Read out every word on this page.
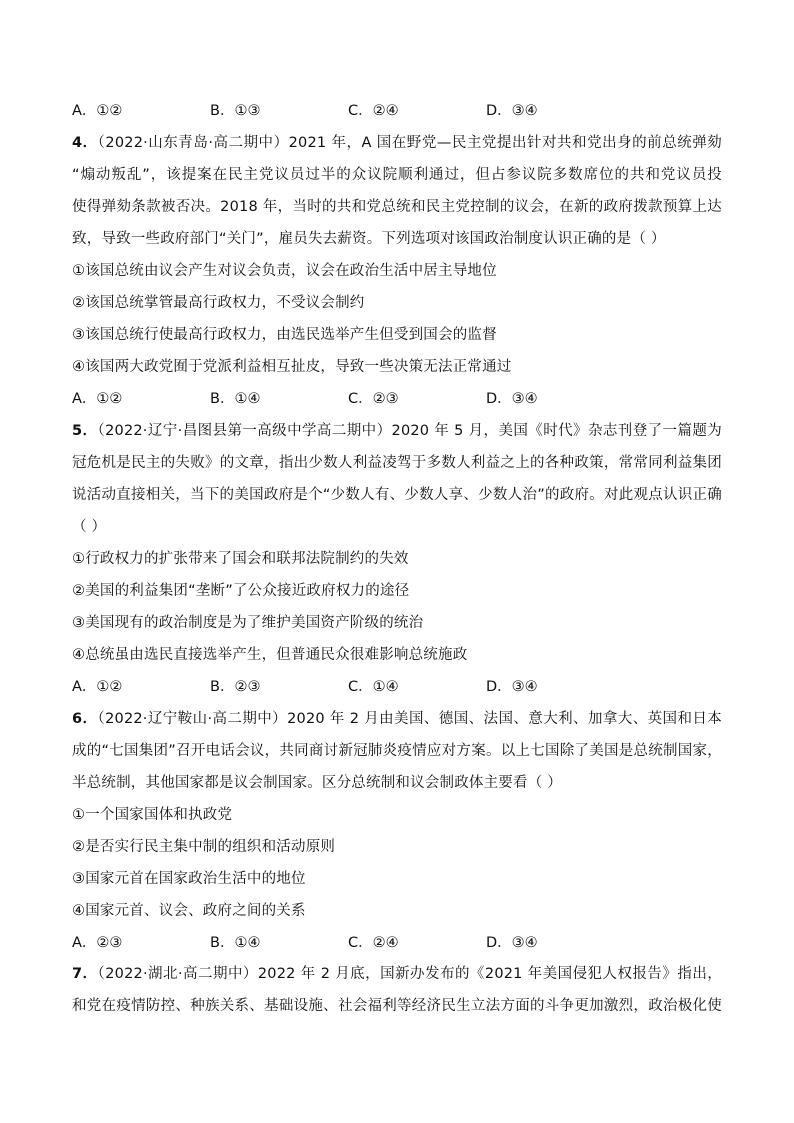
A．①②	B．①③	C．②④	D．③④
4．（2022·山东青岛·高二期中）2021 年，A 国在野党—民主党提出针对共和党出身的前总统弹劾
“煽动叛乱”，该提案在民主党议员过半的众议院顺利通过，但占参议院多数席位的共和党议员投
使得弹劾条款被否决。2018 年，当时的共和党总统和民主党控制的议会，在新的政府拨款预算上达
致，导致一些政府部门“关门”，雇员失去薪资。下列选项对该国政治制度认识正确的是（ ）
①该国总统由议会产生对议会负责，议会在政治生活中居主导地位
②该国总统掌管最高行政权力，不受议会制约
③该国总统行使最高行政权力，由选民选举产生但受到国会的监督
④该国两大政党囿于党派利益相互扯皮，导致一些决策无法正常通过
A．①②	B．①④	C．②③	D．③④
5．（2022·辽宁·昌图县第一高级中学高二期中）2020 年 5 月，美国《时代》杂志刊登了一篇题为
冠危机是民主的失败》的文章，指出少数人利益凌驾于多数人利益之上的各种政策，常常同利益集团
说活动直接相关，当下的美国政府是个“少数人有、少数人享、少数人治”的政府。对此观点认识正确
（ ）
①行政权力的扩张带来了国会和联邦法院制约的失效
②美国的利益集团“垄断”了公众接近政府权力的途径
③美国现有的政治制度是为了维护美国资产阶级的统治
④总统虽由选民直接选举产生，但普通民众很难影响总统施政
A．①②	B．②③	C．①④	D．③④
6．（2022·辽宁鞍山·高二期中）2020 年 2 月由美国、德国、法国、意大利、加拿大、英国和日本
成的“七国集团”召开电话会议，共同商讨新冠肺炎疫情应对方案。以上七国除了美国是总统制国家，
半总统制，其他国家都是议会制国家。区分总统制和议会制政体主要看（ ）
①一个国家国体和执政党
②是否实行民主集中制的组织和活动原则
③国家元首在国家政治生活中的地位
④国家元首、议会、政府之间的关系
A．②③	B．①④	C．②④	D．③④
7．（2022·湖北·高二期中）2022 年 2 月底，国新办发布的《2021 年美国侵犯人权报告》指出，
和党在疫情防控、种族关系、基础设施、社会福利等经济民生立法方面的斗争更加激烈，政治极化使
